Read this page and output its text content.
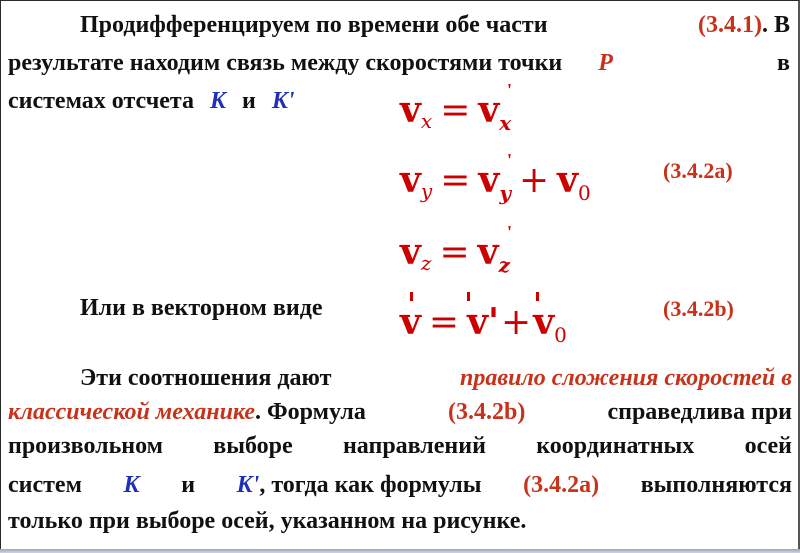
Продифференцируем по времени обе части	(3.4.1). В
результате находим связь между скоростями точки P	в
системах отсчета K и K'	$v_x = v_x$
'
$v_y = v_y + v_0$
'	(3.4.2a)
$v_z = v_z$
'
Или в векторном виде $v = v'+v_0$
(3.4.2b)
Эти соотношения дают	правило сложения скоростей в
классической механике. Формула	(3.4.2b)	справедлива при
произвольном выборе направлений координатных осей
систем K и K', тогда как формулы (3.4.2a) выполняются
только при выборе осей, указанном на рисунке.
